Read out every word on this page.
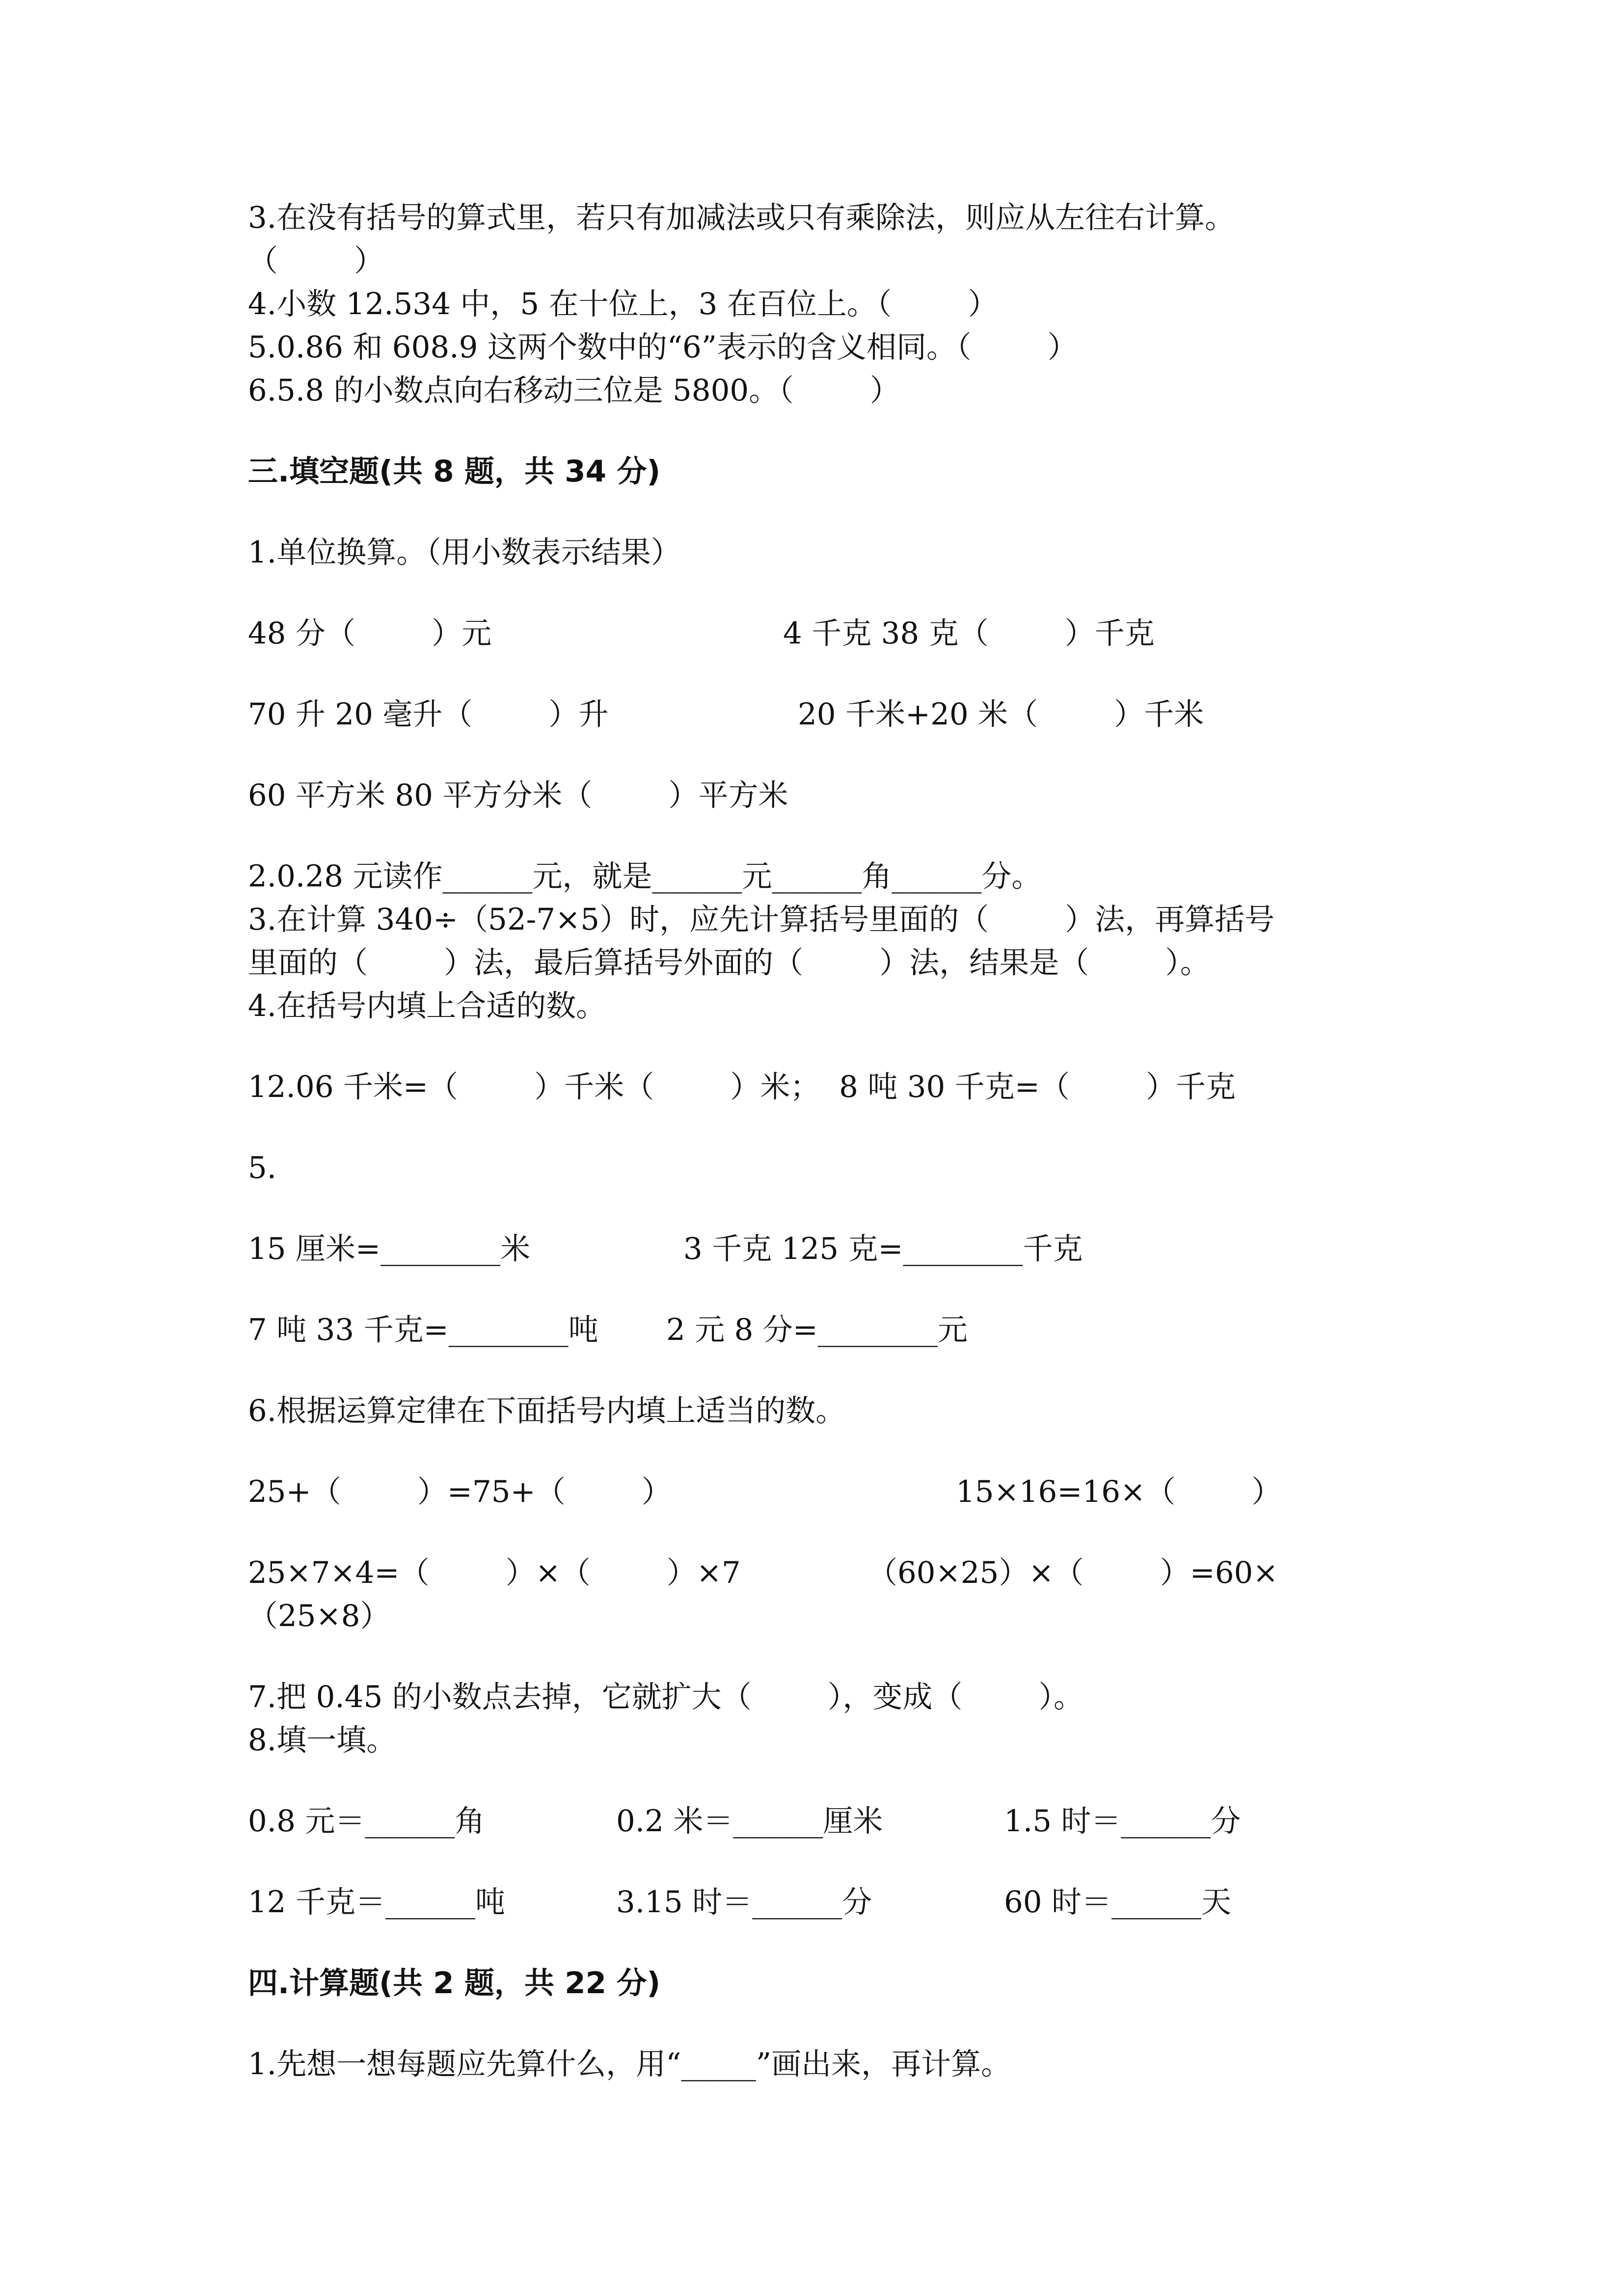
3.在没有括号的算式里，若只有加减法或只有乘除法，则应从左往右计算。
（        ）
4.小数 12.534 中，5 在十位上，3 在百位上。（        ）
5.0.86 和 608.9 这两个数中的“6”表示的含义相同。（        ）
6.5.8 的小数点向右移动三位是 5800。（        ）
三.填空题(共 8 题，共 34 分)
1.单位换算。（用小数表示结果）
48 分（        ）元	4 千克 38 克（        ）千克
70 升 20 毫升（        ）升	20 千米+20 米（        ）千米
60 平方米 80 平方分米（        ）平方米
2.0.28 元读作______元，就是______元______角______分。
3.在计算 340÷（52-7×5）时，应先计算括号里面的（        ）法，再算括号
里面的（        ）法，最后算括号外面的（        ）法，结果是（        ）。
4.在括号内填上合适的数。
12.06 千米=（        ）千米（        ）米；  8 吨 30 千克=（        ）千克
5.
15 厘米=________米	3 千克 125 克=________千克
7 吨 33 千克=________吨 2 元 8 分=________元
6.根据运算定律在下面括号内填上适当的数。
25+（        ）=75+（        ）	15×16=16×（        ）
25×7×4=（        ）×（        ）×7	（60×25）×（        ）=60×
（25×8）
7.把 0.45 的小数点去掉，它就扩大（        ），变成（        ）。
8.填一填。
0.8 元＝______角	0.2 米＝______厘米	1.5 时＝______分
12 千克＝______吨	3.15 时＝______分	60 时＝______天
四.计算题(共 2 题，共 22 分)
1.先想一想每题应先算什么，用“_____”画出来，再计算。
